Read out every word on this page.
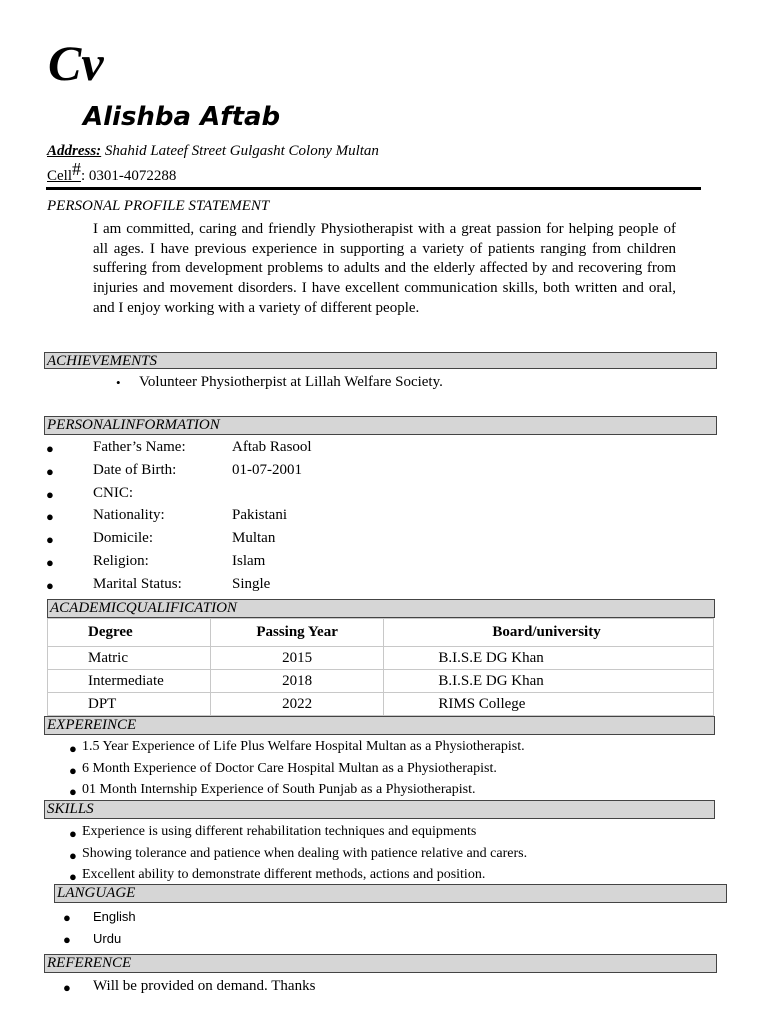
Cv
Alishba Aftab
Address: Shahid Lateef Street Gulgasht Colony Multan
Cell#: 0301-4072288
PERSONAL PROFILE STATEMENT
I am committed, caring and friendly Physiotherapist with a great passion for helping people of all ages. I have previous experience in supporting a variety of patients ranging from children suffering from development problems to adults and the elderly affected by and recovering from injuries and movement disorders. I have excellent communication skills, both written and oral, and I enjoy working with a variety of different people.
ACHIEVEMENTS
• Volunteer Physiotherpist at Lillah Welfare Society.
PERSONALINFORMATION
●	Father’s Name:	Aftab Rasool
●	Date of Birth:	01-07-2001
●	CNIC:
●	Nationality:	Pakistani
●	Domicile:	Multan
●	Religion:	Islam
●	Marital Status:	Single
ACADEMICQUALIFICATION
Degree	Passing Year	Board/university
Matric	2015	B.I.S.E DG Khan
Intermediate	2018	B.I.S.E DG Khan
DPT	2022	RIMS College
EXPEREINCE
● 1.5 Year Experience of Life Plus Welfare Hospital Multan as a Physiotherapist.
● 6 Month Experience of Doctor Care Hospital Multan as a Physiotherapist.
● 01 Month Internship Experience of South Punjab as a Physiotherapist.
SKILLS
● Experience is using different rehabilitation techniques and equipments
● Showing tolerance and patience when dealing with patience relative and carers.
● Excellent ability to demonstrate different methods, actions and position.
LANGUAGE
● English
● Urdu
REFERENCE
● Will be provided on demand. Thanks
